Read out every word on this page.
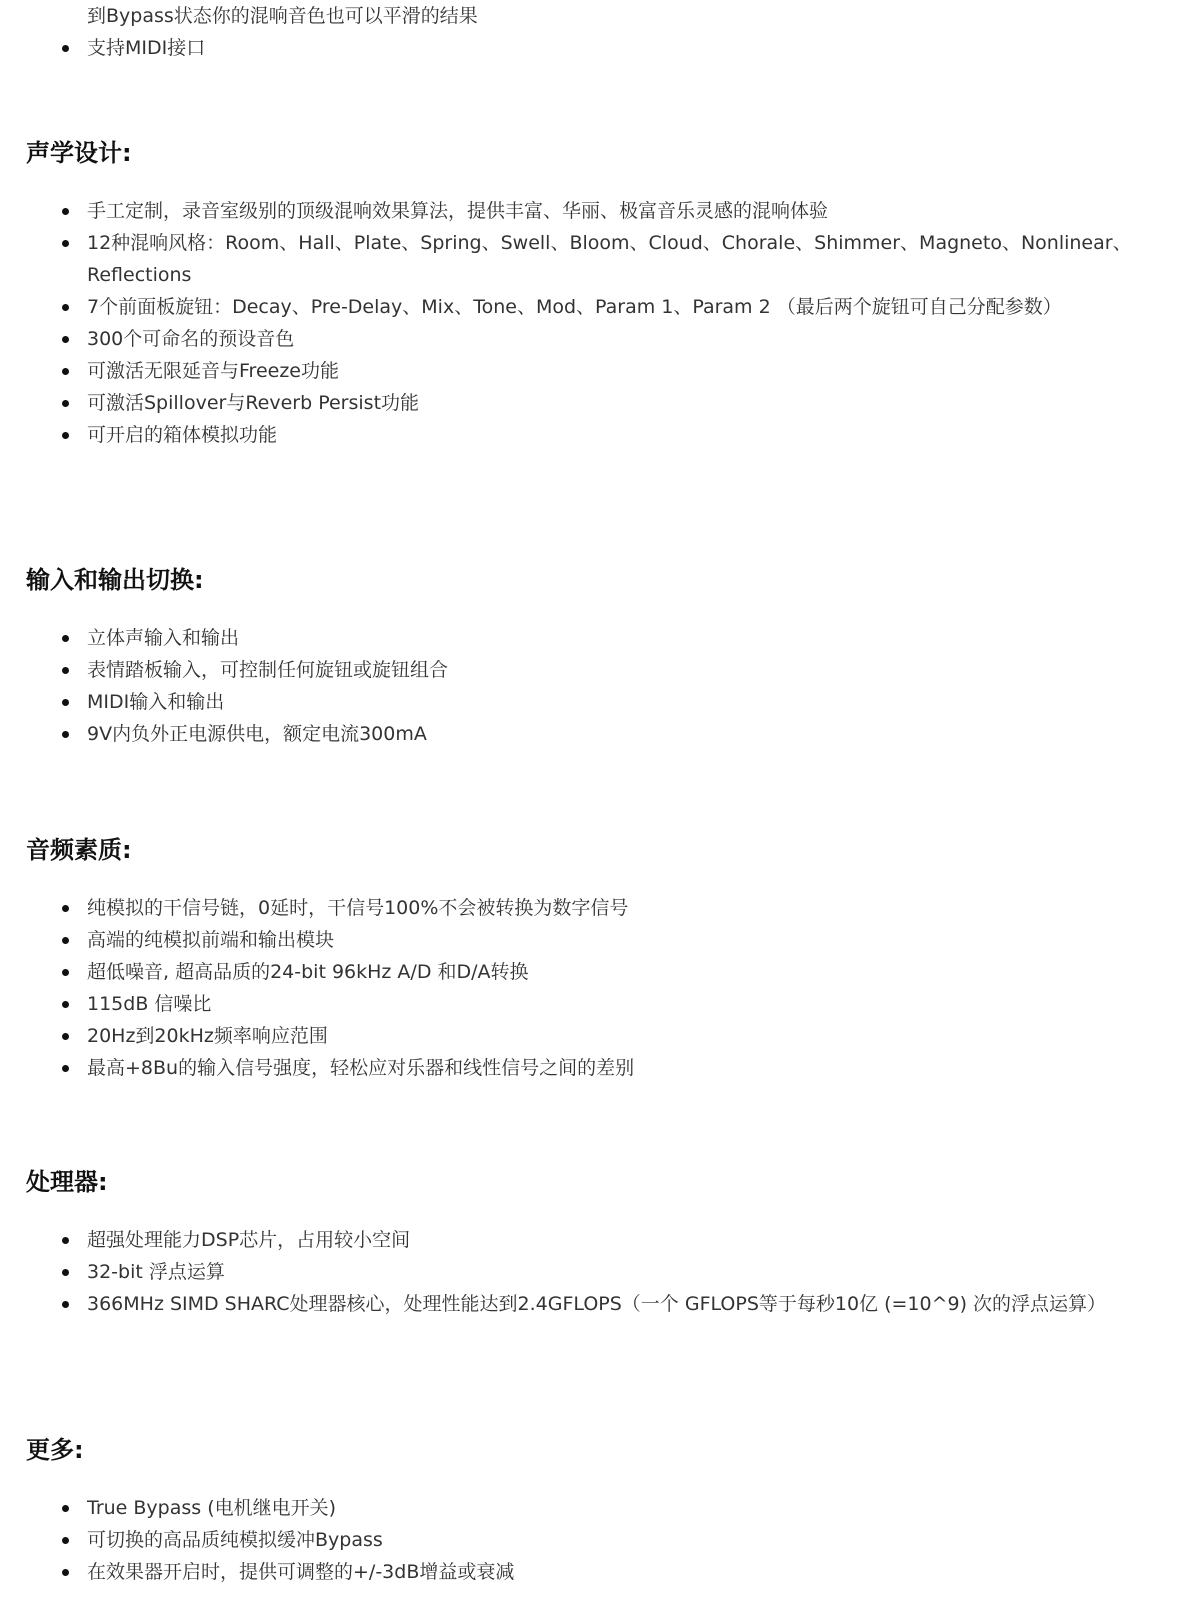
到Bypass状态你的混响音色也可以平滑的结果
支持MIDI接口
声学设计:
手工定制，录音室级别的顶级混响效果算法，提供丰富、华丽、极富音乐灵感的混响体验
12种混响风格：Room、Hall、Plate、Spring、Swell、Bloom、Cloud、Chorale、Shimmer、Magneto、Nonlinear、Reflections
7个前面板旋钮：Decay、Pre-Delay、Mix、Tone、Mod、Param 1、Param 2 （最后两个旋钮可自己分配参数）
300个可命名的预设音色
可激活无限延音与Freeze功能
可激活Spillover与Reverb Persist功能
可开启的箱体模拟功能
输入和输出切换:
立体声输入和输出
表情踏板输入，可控制任何旋钮或旋钮组合
MIDI输入和输出
9V内负外正电源供电，额定电流300mA
音频素质:
纯模拟的干信号链，0延时，干信号100%不会被转换为数字信号
高端的纯模拟前端和输出模块
超低噪音, 超高品质的24-bit 96kHz A/D 和D/A转换
115dB 信噪比
20Hz到20kHz频率响应范围
最高+8Bu的输入信号强度，轻松应对乐器和线性信号之间的差别
处理器:
超强处理能力DSP芯片，占用较小空间
32-bit 浮点运算
366MHz SIMD SHARC处理器核心，处理性能达到2.4GFLOPS（一个 GFLOPS等于每秒10亿 (=10^9) 次的浮点运算）
更多:
True Bypass (电机继电开关)
可切换的高品质纯模拟缓冲Bypass
在效果器开启时，提供可调整的+/-3dB增益或衰减
